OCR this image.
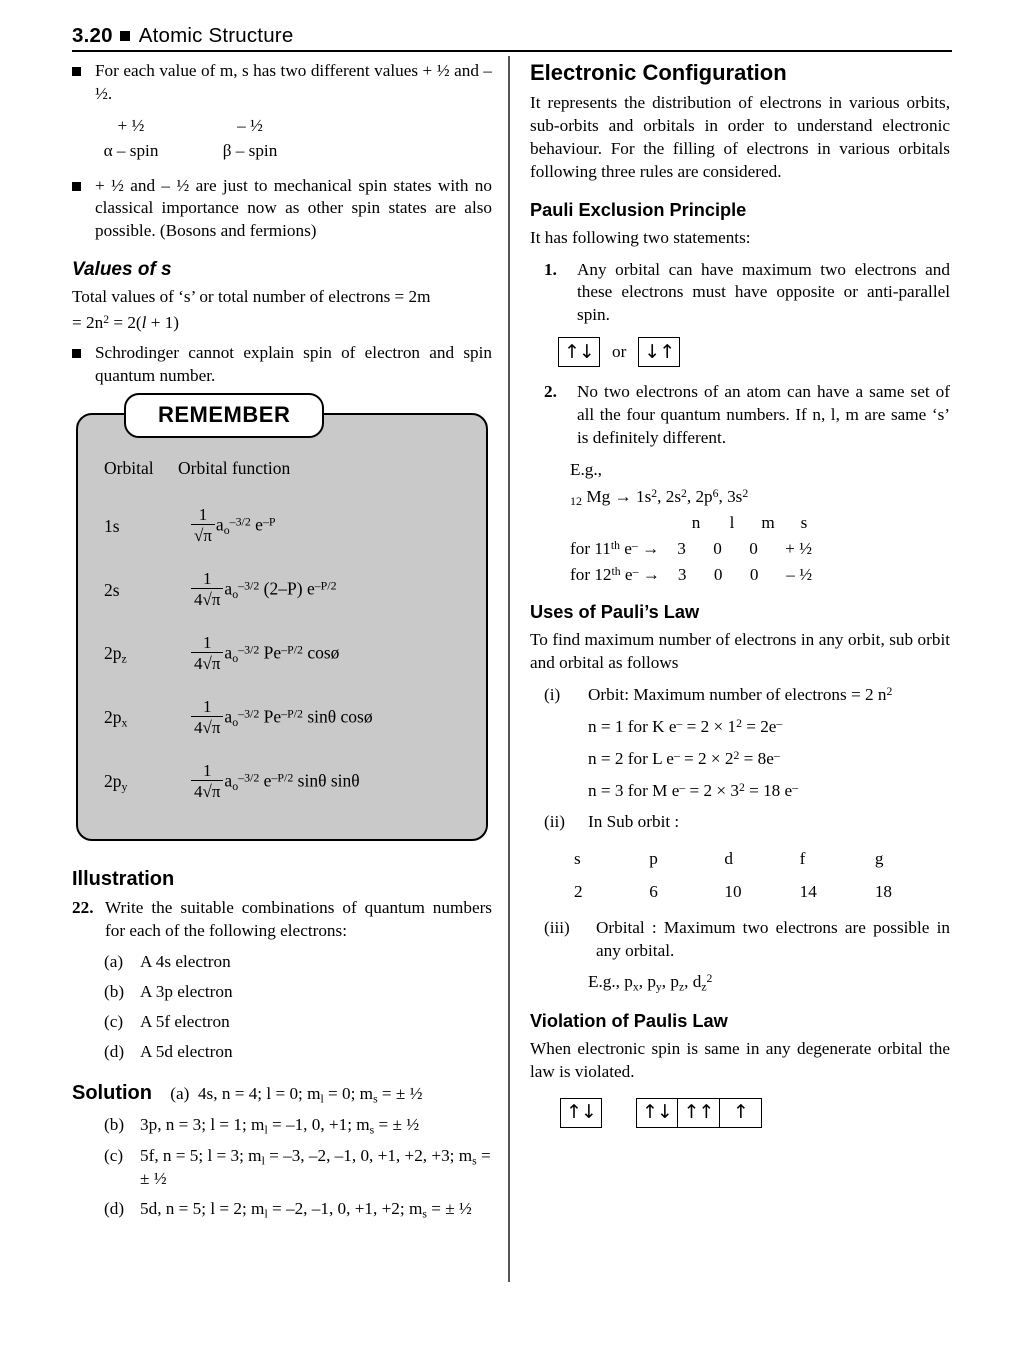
3.20 Atomic Structure
For each value of m, s has two different values + ½ and – ½.
+ ½	– ½
α – spin	β – spin
+ ½ and – ½ are just to mechanical spin states with no classical importance now as other spin states are also possible. (Bosons and fermions)
Values of s

Total values of ‘s’ or total number of electrons = 2m

= $2n^2 = 2(l + 1)$

Schrodinger cannot explain spin of electron and spin quantum number.
REMEMBER
Orbital	Orbital function
1s	$\frac{1}{√\pi} a_o^{-3/2}$ $e^{-P}$
2s	$\frac{1}{4√\pi} a_o^{-3/2}$ (2–P) $e^{-P/2}$
$2p_z$	$\frac{1}{4√\pi} a_o^{-3/2}$ $Pe^{-P/2}$ cosø
$2p_x$	$\frac{1}{4√\pi} a_o^{-3/2}$ $Pe^{-P/2}$ sinθ cosø
$2p_y$	$\frac{1}{4√\pi} a_o^{-3/2}$ $e^{-P/2}$ sinθ sinθ
Illustration
22. Write the suitable combinations of quantum numbers for each of the following electrons:
(a) A 4s electron
(b) A 3p electron
(c) A 5f electron
(d) A 5d electron
Solution (a) 4s, n = 4; l = 0; $m_l = 0$; $m_s$ = ± ½
(b) 3p, n = 3; l = 1; $m_l = -1$, 0, +1; $m_s$ = ± ½
(c) 5f, n = 5; l = 3; $m_l = -3$, –2, –1, 0, +1, +2, +3; $m_s$ = ± ½
(d) 5d, n = 5; l = 2; $m_l = -2$, –1, 0, +1, +2; $m_s$ = ± ½
Electronic Configuration

It represents the distribution of electrons in various orbits, sub-orbits and orbitals in order to understand electronic behaviour. For the filling of electrons in various orbitals following three rules are considered.

Pauli Exclusion Principle

It has following two statements:

1. Any orbital can have maximum two electrons and these electrons must have opposite or anti-parallel spin.
↑↓	or ↓↑
2. No two electrons of an atom can have a same set of all the four quantum numbers. If n, l, m are same ‘s’ is definitely different.

E.g.,

$_{12}$ $Mg \to 1s^2$, $2s^2$, $2p^6$, $3s^2$

n l m s

for 11th e– → 3 0 0 + ½

for 12th e– → 3 0 0 – ½

Uses of Pauli’s Law

To find maximum number of electrons in any orbit, sub orbit and orbital as follows

(i) Orbit: Maximum number of electrons = 2 $n^2$

n = 1 for K $e^- = 2 \times 1^2 = 2e^-$

n = 2 for L $e^- = 2 \times 2^2 = 8e^-$

n = 3 for M $e^- = 2 \times 3^2 = 18$ e–

(ii) In Sub orbit :
s	p	d	f	g
2	6	10	14	18
(iii) Orbital : Maximum two electrons are possible in any orbital.

E.g., $p_x$, $p_y$, $p_z$, $d_z^2$

Violation of Paulis Law

When electronic spin is same in any degenerate orbital the law is violated.

↑↓	↑↓ ↑↑	↑
